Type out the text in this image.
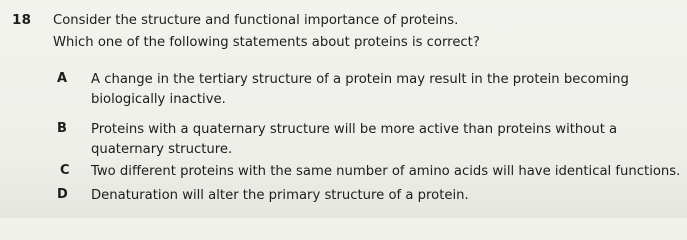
18 Consider the structure and functional importance of proteins.
Which one of the following statements about proteins is correct?
A A change in the tertiary structure of a protein may result in the protein becoming biologically inactive.
B Proteins with a quaternary structure will be more active than proteins without a quaternary structure.
C Two different proteins with the same number of amino acids will have identical functions.
D Denaturation will alter the primary structure of a protein.
